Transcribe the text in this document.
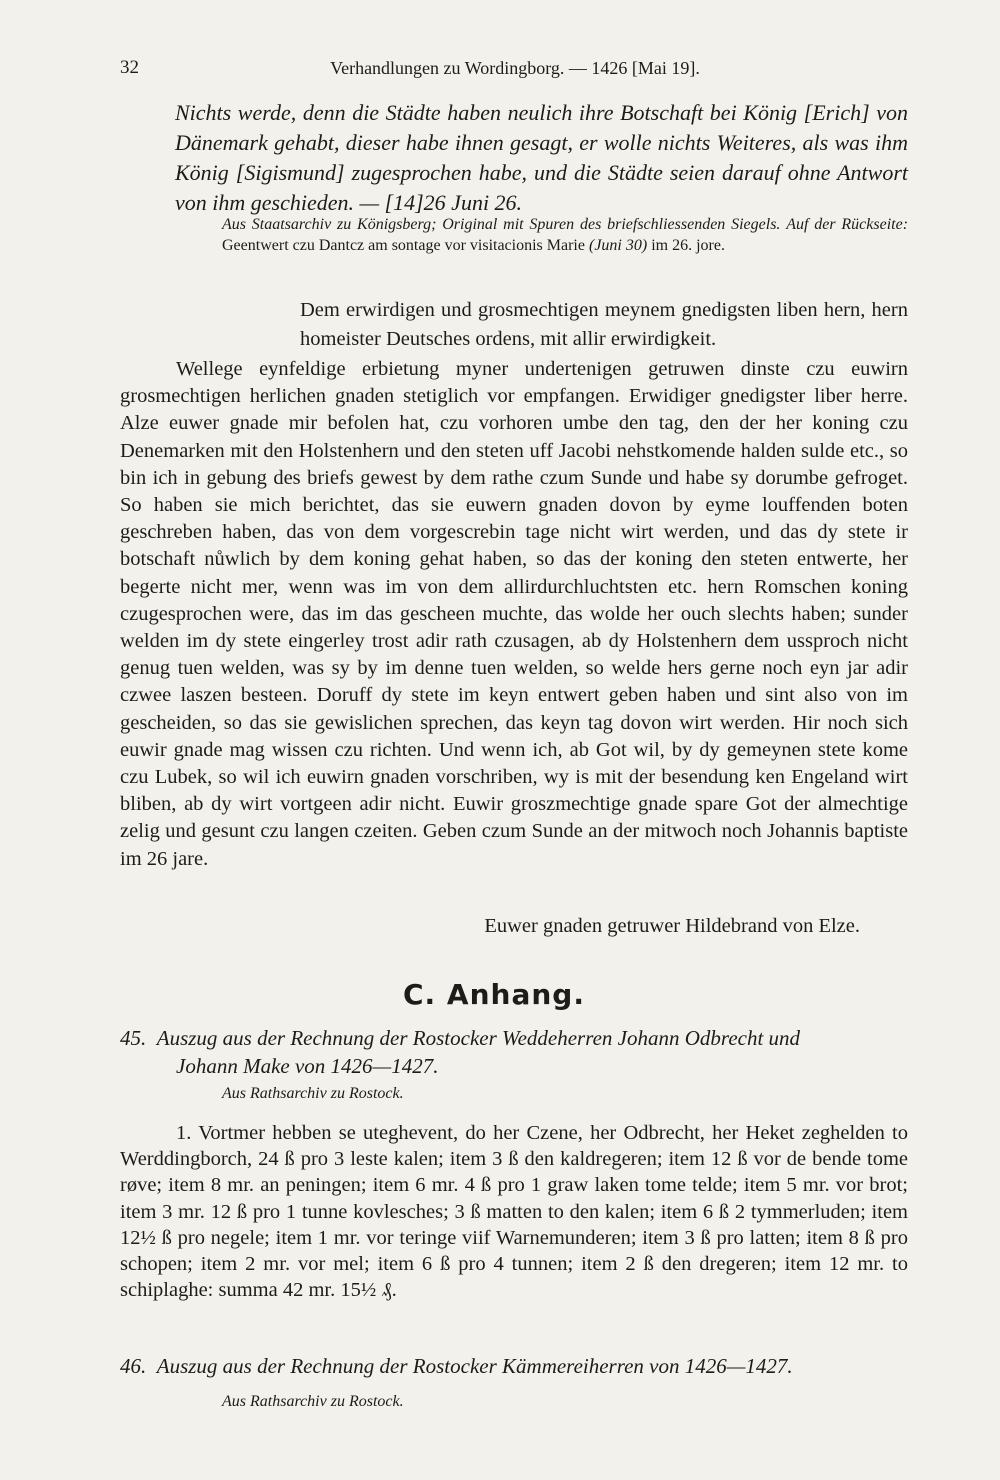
32	Verhandlungen zu Wordingborg. — 1426 [Mai 19].

Nichts werde, denn die Städte haben neulich ihre Botschaft bei König [Erich] von Dänemark gehabt, dieser habe ihnen gesagt, er wolle nichts Weiteres, als was ihm König [Sigismund] zugesprochen habe, und die Städte seien darauf ohne Antwort von ihm geschieden. — [14]26 Juni 26.

Aus Staatsarchiv zu Königsberg; Original mit Spuren des briefschliessenden Siegels. Auf der Rückseite: Geentwert czu Dantcz am sontage vor visitacionis Marie (Juni 30) im 26. jore.

Dem erwirdigen und grosmechtigen meynem gnedigsten liben hern, hern homeister Deutsches ordens, mit allir erwirdigkeit.

Wellege eynfeldige erbietung myner undertenigen getruwen dinste czu euwirn grosmechtigen herlichen gnaden stetiglich vor empfangen. Erwidiger gnedigster liber herre. Alze euwer gnade mir befolen hat, czu vorhoren umbe den tag, den der her koning czu Denemarken mit den Holstenhern und den steten uff Jacobi nehstkomende halden sulde etc., so bin ich in gebung des briefs gewest by dem rathe czum Sunde und habe sy dorumbe gefroget. So haben sie mich berichtet, das sie euwern gnaden dovon by eyme louffenden boten geschreben haben, das von dem vorgescrebin tage nicht wirt werden, und das dy stete ir botschaft nůwlich by dem koning gehat haben, so das der koning den steten entwerte, her begerte nicht mer, wenn was im von dem allirdurchluchtsten etc. hern Romschen koning czugesprochen were, das im das gescheen muchte, das wolde her ouch slechts haben; sunder welden im dy stete eingerley trost adir rath czusagen, ab dy Holstenhern dem ussproch nicht genug tuen welden, was sy by im denne tuen welden, so welde hers gerne noch eyn jar adir czwee laszen besteen. Doruff dy stete im keyn entwert geben haben und sint also von im gescheiden, so das sie gewislichen sprechen, das keyn tag dovon wirt werden. Hir noch sich euwir gnade mag wissen czu richten. Und wenn ich, ab Got wil, by dy gemeynen stete kome czu Lubek, so wil ich euwirn gnaden vorschriben, wy is mit der besendung ken Engeland wirt bliben, ab dy wirt vortgeen adir nicht. Euwir groszmechtige gnade spare Got der almechtige zelig und gesunt czu langen czeiten. Geben czum Sunde an der mitwoch noch Johannis baptiste im 26 jare.

Euwer gnaden getruwer Hildebrand von Elze.

C. Anhang.
45. Auszug aus der Rechnung der Rostocker Weddeherren Johann Odbrecht und
Johann Make von 1426—1427.

Aus Rathsarchiv zu Rostock.

1. Vortmer hebben se uteghevent, do her Czene, her Odbrecht, her Heket zeghelden to Werddingborch, 24 ß pro 3 leste kalen; item 3 ß den kaldregeren; item 12 ß vor de bende tome røve; item 8 mr. an peningen; item 6 mr. 4 ß pro 1 graw laken tome telde; item 5 mr. vor brot; item 3 mr. 12 ß pro 1 tunne kovlesches; 3 ß matten to den kalen; item 6 ß 2 tymmerluden; item 12½ ß pro negele; item 1 mr. vor teringe viif Warnemunderen; item 3 ß pro latten; item 8 ß pro schopen; item 2 mr. vor mel; item 6 ß pro 4 tunnen; item 2 ß den dregeren; item 12 mr. to schiplaghe: summa 42 mr. 15½ ₰.

46. Auszug aus der Rechnung der Rostocker Kämmereiherren von 1426—1427.

Aus Rathsarchiv zu Rostock.
